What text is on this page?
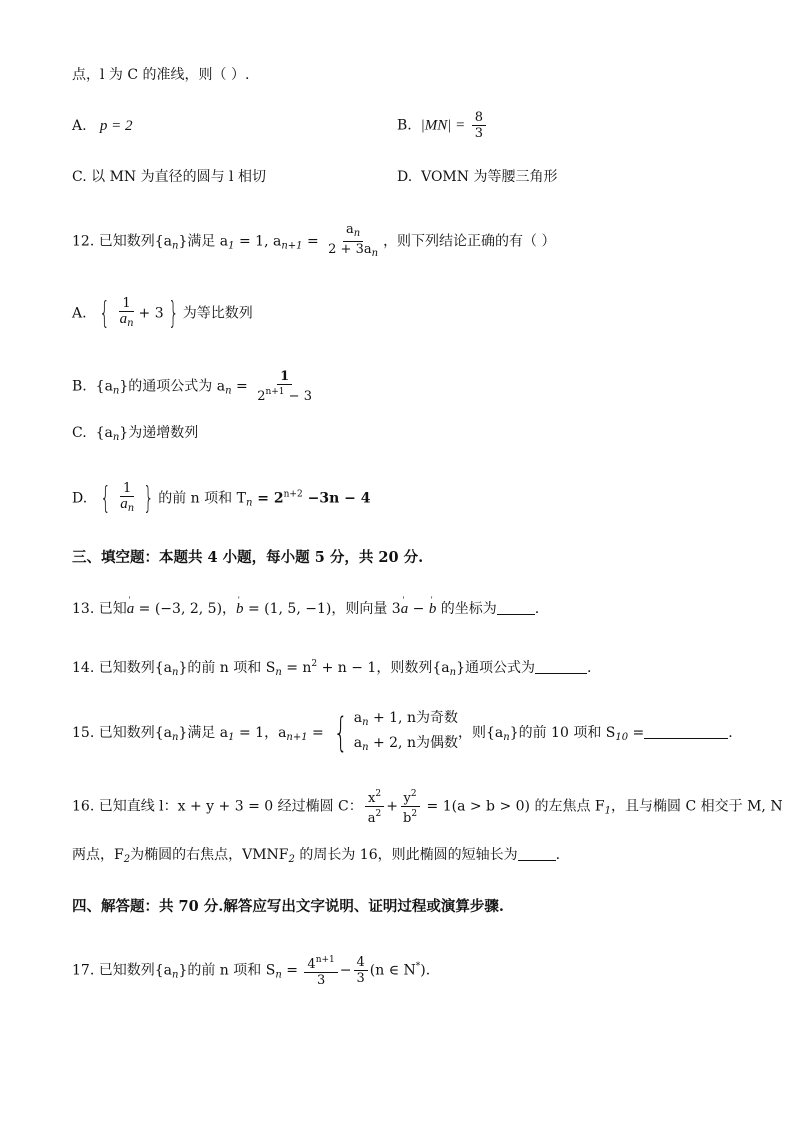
点，l 为 C 的准线，则（ ）.
A. p = 2	B. $|MN| = \frac{8}{3}$
C. 以 MN 为直径的圆与 l 相切	D. VOMN 为等腰三角形
12. 已知数列$\{a_n\}$满足 $a_1 = 1$, $a_{n+1} = \frac{a_n}{2 + 3a_n}$ ，则下列结论正确的有（ ）
A. { $\frac{1}{a_n} + 3$ } 为等比数列
B. $\{a_n\}$的通项公式为 $a_n = \frac{1}{2^{n+1} - 3}$
C. $\{a_n\}$为递增数列
D. { $\frac{1}{a_n}$ } 的前 n 项和 $T_n = 2^{n+2} -3n - 4$
三、填空题：本题共 4 小题，每小题 5 分，共 20 分.
13. 已知' a = (−3, 2, 5)，' b = (1, 5, −1)，则向量 3' a − ' b 的坐标为	.
14. 已知数列$\{a_n\}$的前 n 项和 $S_n = n^2 + n - 1$，则数列$\{a_n\}$通项公式为	.
15. 已知数列$\{a_n\}$满足 $a_1 = 1$，$a_{n+1}$ = { $a_n + 1$, n为奇数
$a_n + 2$, n为偶数
，则$\{a_n\}$的前 10 项和 $S_{10}$ =	.
16. 已知直线 l：x + y + 3 = 0 经过椭圆 C： $\frac{x^2}{a^2} + \frac{y^2}{b^2} = 1(a > b > 0)$ 的左焦点 $F_1$，且与椭圆 C 相交于 M, N
两点，$F_2$为椭圆的右焦点，$VMNF_2$ 的周长为 16，则此椭圆的短轴长为	.
四、解答题：共 70 分.解答应写出文字说明、证明过程或演算步骤.
17. 已知数列$\{a_n\}$的前 n 项和 $S_n = \frac{4^{n+1}}{3} - \frac{4}{3} (n$ ∈ N*).
